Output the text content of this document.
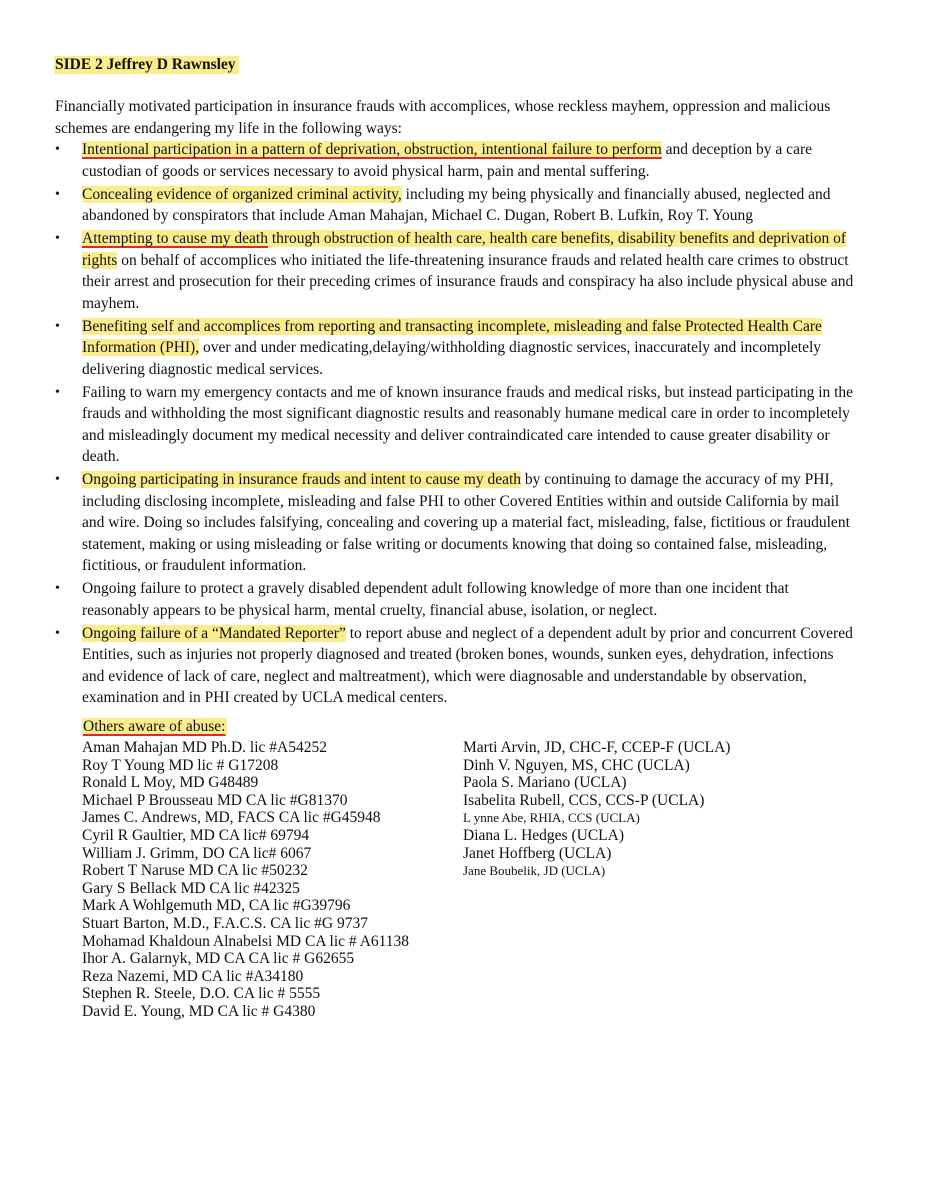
SIDE 2 Jeffrey D Rawnsley

Financially motivated participation in insurance frauds with accomplices, whose reckless mayhem, oppression and malicious schemes are endangering my life in the following ways:

• Intentional participation in a pattern of deprivation, obstruction, intentional failure to perform and deception by a care custodian of goods or services necessary to avoid physical harm, pain and mental suffering.
• Concealing evidence of organized criminal activity, including my being physically and financially abused, neglected and abandoned by conspirators that include Aman Mahajan, Michael C. Dugan, Robert B. Lufkin, Roy T. Young
• Attempting to cause my death through obstruction of health care, health care benefits, disability benefits and deprivation of rights on behalf of accomplices who initiated the life-threatening insurance frauds and related health care crimes to obstruct their arrest and prosecution for their preceding crimes of insurance frauds and conspiracy ha also include physical abuse and mayhem.
• Benefiting self and accomplices from reporting and transacting incomplete, misleading and false Protected Health Care Information (PHI), over and under medicating,delaying/withholding diagnostic services, inaccurately and incompletely delivering diagnostic medical services.
• Failing to warn my emergency contacts and me of known insurance frauds and medical risks, but instead participating in the frauds and withholding the most significant diagnostic results and reasonably humane medical care in order to incompletely and misleadingly document my medical necessity and deliver contraindicated care intended to cause greater disability or death.
• Ongoing participating in insurance frauds and intent to cause my death by continuing to damage the accuracy of my PHI, including disclosing incomplete, misleading and false PHI to other Covered Entities within and outside California by mail and wire. Doing so includes falsifying, concealing and covering up a material fact, misleading, false, fictitious or fraudulent statement, making or using misleading or false writing or documents knowing that doing so contained false, misleading, fictitious, or fraudulent information.
• Ongoing failure to protect a gravely disabled dependent adult following knowledge of more than one incident that reasonably appears to be physical harm, mental cruelty, financial abuse, isolation, or neglect.
• Ongoing failure of a “Mandated Reporter” to report abuse and neglect of a dependent adult by prior and concurrent Covered Entities, such as injuries not properly diagnosed and treated (broken bones, wounds, sunken eyes, dehydration, infections and evidence of lack of care, neglect and maltreatment), which were diagnosable and understandable by observation, examination and in PHI created by UCLA medical centers.
Others aware of abuse:
Aman Mahajan MD Ph.D. lic #A54252
Roy T Young MD lic # G17208
Ronald L Moy, MD G48489
Michael P Brousseau MD CA lic #G81370
James C. Andrews, MD, FACS CA lic #G45948
Cyril R Gaultier, MD CA lic# 69794
William J. Grimm, DO CA lic# 6067
Robert T Naruse MD CA lic #50232
Gary S Bellack MD CA lic #42325
Mark A Wohlgemuth MD, CA lic #G39796
Stuart Barton, M.D., F.A.C.S. CA lic #G 9737
Mohamad Khaldoun Alnabelsi MD CA lic # A61138
Ihor A. Galarnyk, MD CA CA lic # G62655
Reza Nazemi, MD CA lic #A34180
Stephen R. Steele, D.O. CA lic # 5555
David E. Young, MD CA lic # G4380
Marti Arvin, JD, CHC-F, CCEP-F (UCLA)
Dinh V. Nguyen, MS, CHC (UCLA)
Paola S. Mariano (UCLA)
Isabelita Rubell, CCS, CCS-P (UCLA)
L ynne Abe, RHIA, CCS (UCLA)
Diana L. Hedges (UCLA)
Janet Hoffberg (UCLA)
Jane Boubelik, JD (UCLA)
